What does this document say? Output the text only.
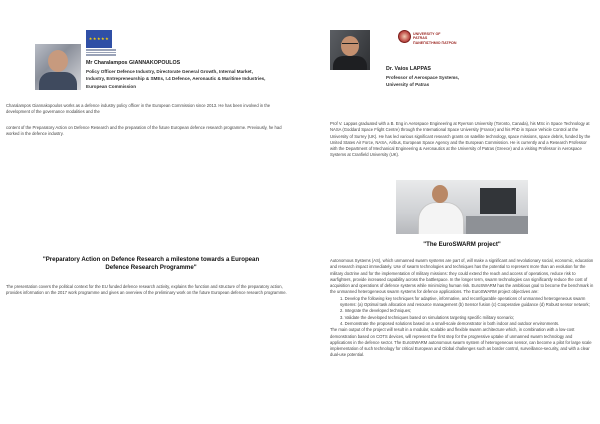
★★★★★
Mr Charalampos GIANNAKOPOULOS
Policy Officer Defence Industry, Directorate General Growth, Internal Market,
Industry, Entrepreneurship & SMEs, I.4 Defence, Aeronautic & Maritime Industries,
European Commission

Charalampos Giannakopoulos works as a defence industry policy officer in the European Commission since 2013. He has been involved in the development of the governance modalities and the

content of the Preparatory Action on Defence Research and the preparation of the future European defence research programme. Previously, he had worked in the defence industry.

"Preparatory Action on Defence Research a milestone towards a European Defence Research Programme"

The presentation covers the political context for the EU funded defence research activity, explains the function and structure of the preparatory action, provides information on the 2017 work programme and gives an overview of the preliminary work on the future European defence research programme.

UNIVERSITY OF
PATRAS
ΠΑΝΕΠΙΣΤΗΜΙΟ ΠΑΤΡΩΝ
Dr. Vaios LAPPAS
Professor of Aerospace Systems,
University of Patras

Prof V. Lappas graduated with a B. Eng in Aerospace Engineering at Ryerson University (Toronto, Canada), his MSc in Space Technology at NASA (Goddard Space Flight Centre) through the International Space University (France) and his PhD in Space Vehicle Control at the University of Surrey (UK). He has led various significant research grants on satellite technology, space missions, space debris, funded by the United States Air Force, NASA, Airbus, European Space Agency and the European Commission. He is currently and a Research Professor with the Department of Mechanical Engineering & Aeronautics at the University of Patras (Greece) and a visiting Professor in Aerospace Systems at Cranfield University (UK).

"The EuroSWARM project"

Autonomous Systems (AS), which unmanned swarm systems are part of, will make a significant and revolutionary social, economic, education and research impact immediately. Use of swarm technologies and techniques has the potential to represent more than an evolution for the military doctrine and for the implementation of military missions: they could extend the reach and access of operations, reduce risk to warfighters, provide increased capability across the battlespace. In the longer term, swarm technologies can significantly reduce the cost of acquisition and operations of defence systems while minimizing human risk. EuroSWARM has the ambitious goal to become the benchmark in the unmanned heterogeneous swarm systems for defence applications. The EuroSWARM project objectives are:

1. Develop the following key techniques for adaptive, informative, and reconfigurable operations of unmanned heterogeneous swarm systems: (a) Optimal task allocation and resource management (b) Sensor fusion (c) Cooperative guidance (d) Robust sensor network;

2. Integrate the developed techniques;

3. Validate the developed techniques based on simulations targeting specific military scenario;

4. Demonstrate the proposed solutions based on a small-scale demonstrator in both indoor and outdoor environments.

The main output of the project will result in a modular, scalable and flexible swarm architecture which, in combination with a low-cost demonstration based on COTS devices, will represent the first step for the progressive uptake of unmanned swarm technology and applications in the defence sector. The EuroSWARM autonomous swarm system of heterogeneous sensor, can become a pilot for large scale implementation of such technology for critical European and Global challenges such as border control, surveillance-security, and with a clear dual-use potential.
